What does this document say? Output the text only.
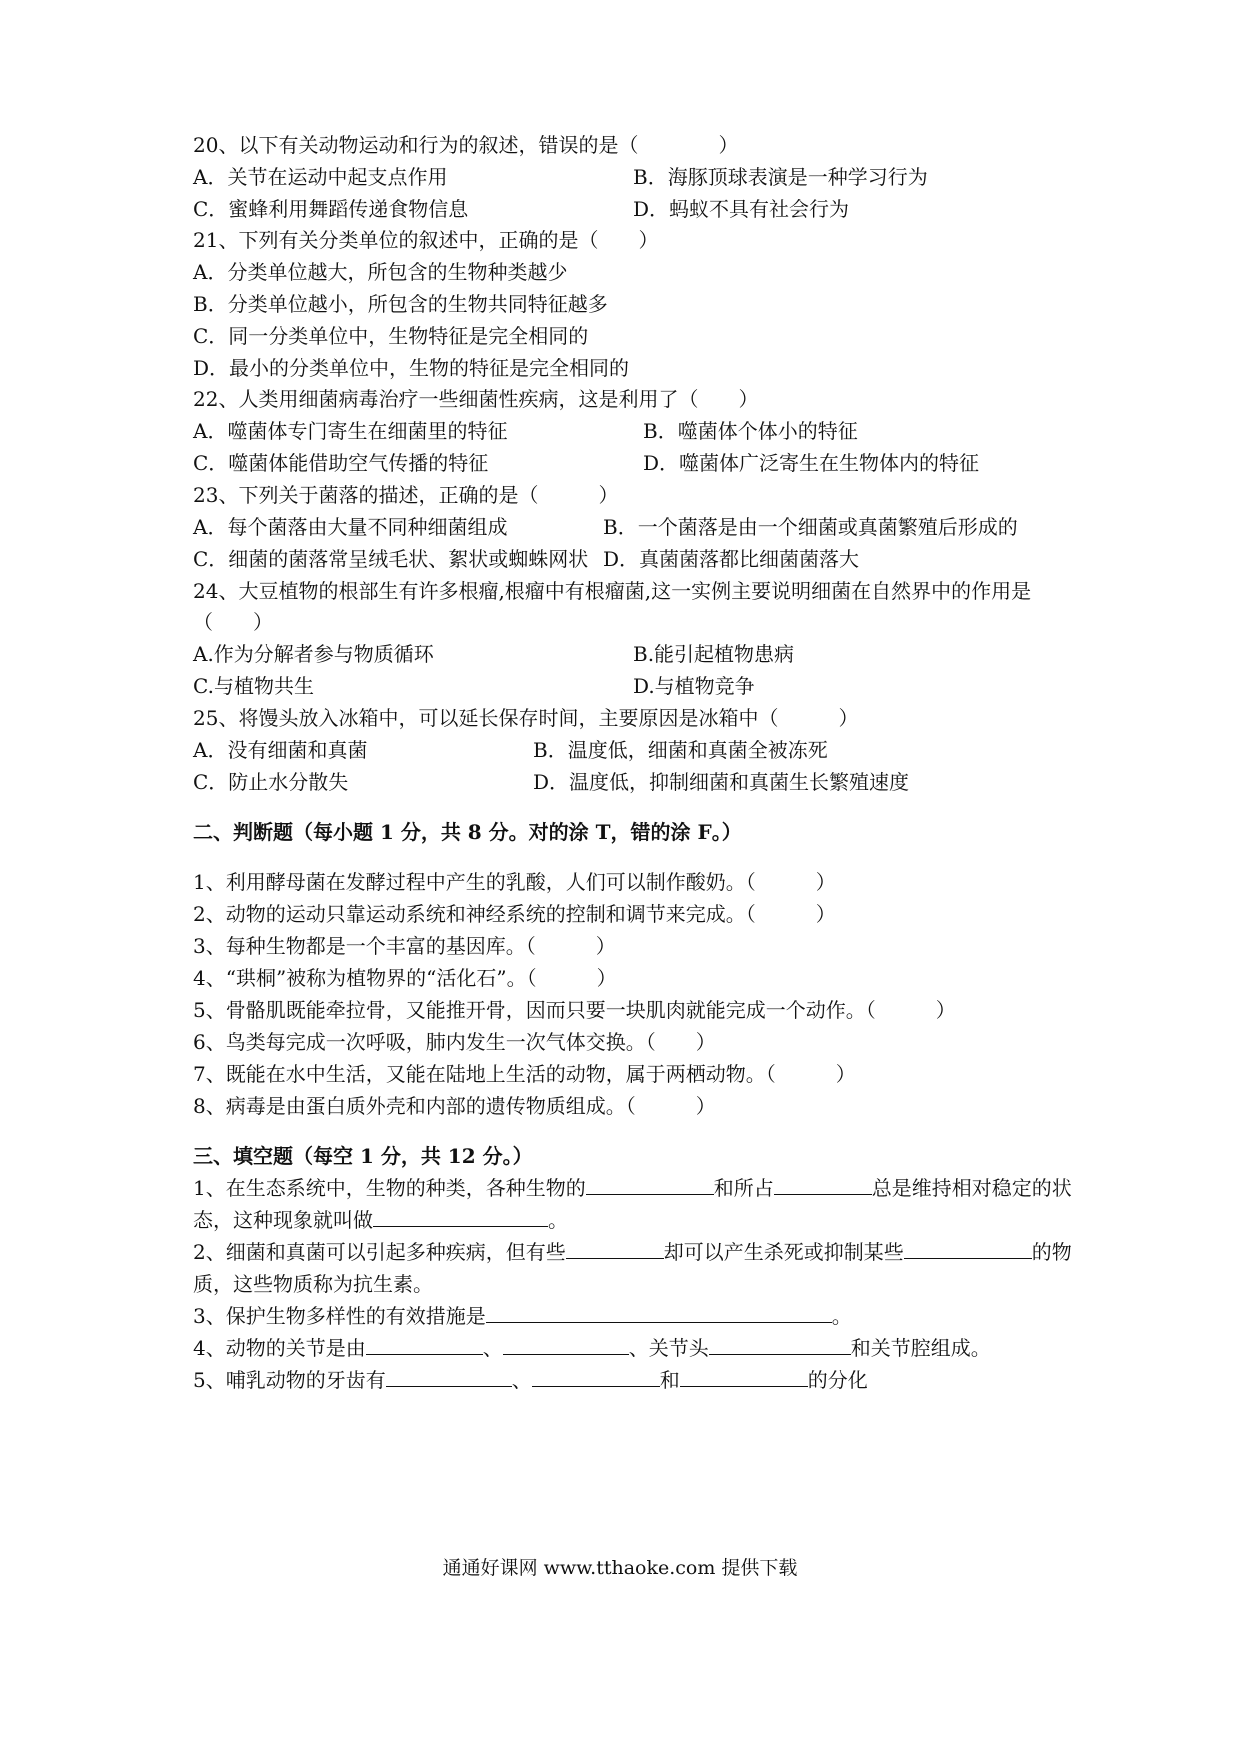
20、以下有关动物运动和行为的叙述，错误的是（　　　　）
A．关节在运动中起支点作用	B．海豚顶球表演是一种学习行为
C．蜜蜂利用舞蹈传递食物信息	D．蚂蚁不具有社会行为
21、下列有关分类单位的叙述中，正确的是（　　）
A．分类单位越大，所包含的生物种类越少
B．分类单位越小，所包含的生物共同特征越多
C．同一分类单位中，生物特征是完全相同的
D．最小的分类单位中，生物的特征是完全相同的
22、人类用细菌病毒治疗一些细菌性疾病，这是利用了（　　）
A．噬菌体专门寄生在细菌里的特征	B．噬菌体个体小的特征
C．噬菌体能借助空气传播的特征	D．噬菌体广泛寄生在生物体内的特征
23、下列关于菌落的描述，正确的是（　　　）
A．每个菌落由大量不同种细菌组成	B．一个菌落是由一个细菌或真菌繁殖后形成的
C．细菌的菌落常呈绒毛状、絮状或蜘蛛网状 D．真菌菌落都比细菌菌落大
24、大豆植物的根部生有许多根瘤,根瘤中有根瘤菌,这一实例主要说明细菌在自然界中的作用是
（　　）
A.作为分解者参与物质循环	B.能引起植物患病
C.与植物共生	D.与植物竞争
25、将馒头放入冰箱中，可以延长保存时间，主要原因是冰箱中（　　　）
A．没有细菌和真菌	B．温度低，细菌和真菌全被冻死
C．防止水分散失	D．温度低，抑制细菌和真菌生长繁殖速度
二、判断题（每小题 1 分，共 8 分。对的涂 T，错的涂 F。）
1、利用酵母菌在发酵过程中产生的乳酸，人们可以制作酸奶。（　　　）
2、动物的运动只靠运动系统和神经系统的控制和调节来完成。（　　　）
3、每种生物都是一个丰富的基因库。（　　　）
4、“珙桐”被称为植物界的“活化石”。（　　　）
5、骨骼肌既能牵拉骨，又能推开骨，因而只要一块肌肉就能完成一个动作。（　　　）
6、鸟类每完成一次呼吸，肺内发生一次气体交换。（　　）
7、既能在水中生活，又能在陆地上生活的动物，属于两栖动物。（　　　）
8、病毒是由蛋白质外壳和内部的遗传物质组成。（　　　）
三、填空题（每空 1 分，共 12 分。）
1、在生态系统中，生物的种类，各种生物的	和所占	总是维持相对稳定的状
态，这种现象就叫做	。
2、细菌和真菌可以引起多种疾病，但有些	却可以产生杀死或抑制某些	的物
质，这些物质称为抗生素。
3、保护生物多样性的有效措施是	。
4、动物的关节是由	、	、关节头	和关节腔组成。
5、哺乳动物的牙齿有	、	和	的分化
通通好课网 www.tthaoke.com 提供下载
